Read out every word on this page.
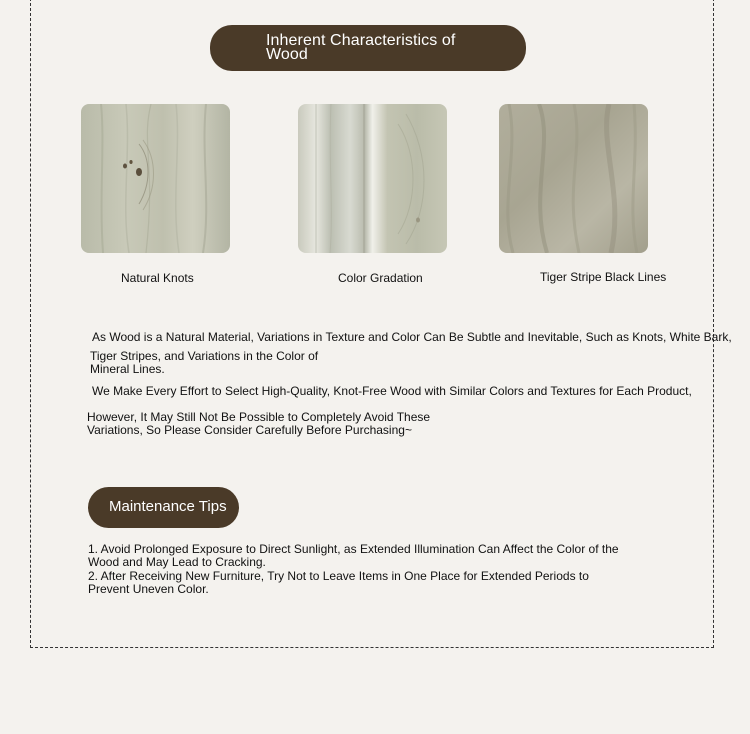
Inherent Characteristics of
Wood
Natural Knots	Color Gradation	Tiger Stripe Black Lines
As Wood is a Natural Material, Variations in Texture and Color Can Be Subtle and Inevitable, Such as Knots, White Bark,
Tiger Stripes, and Variations in the Color of
Mineral Lines.
We Make Every Effort to Select High-Quality, Knot-Free Wood with Similar Colors and Textures for Each Product,
However, It May Still Not Be Possible to Completely Avoid These
Variations, So Please Consider Carefully Before Purchasing~
Maintenance Tips
1. Avoid Prolonged Exposure to Direct Sunlight, as Extended Illumination Can Affect the Color of the
Wood and May Lead to Cracking.
2. After Receiving New Furniture, Try Not to Leave Items in One Place for Extended Periods to
Prevent Uneven Color.
